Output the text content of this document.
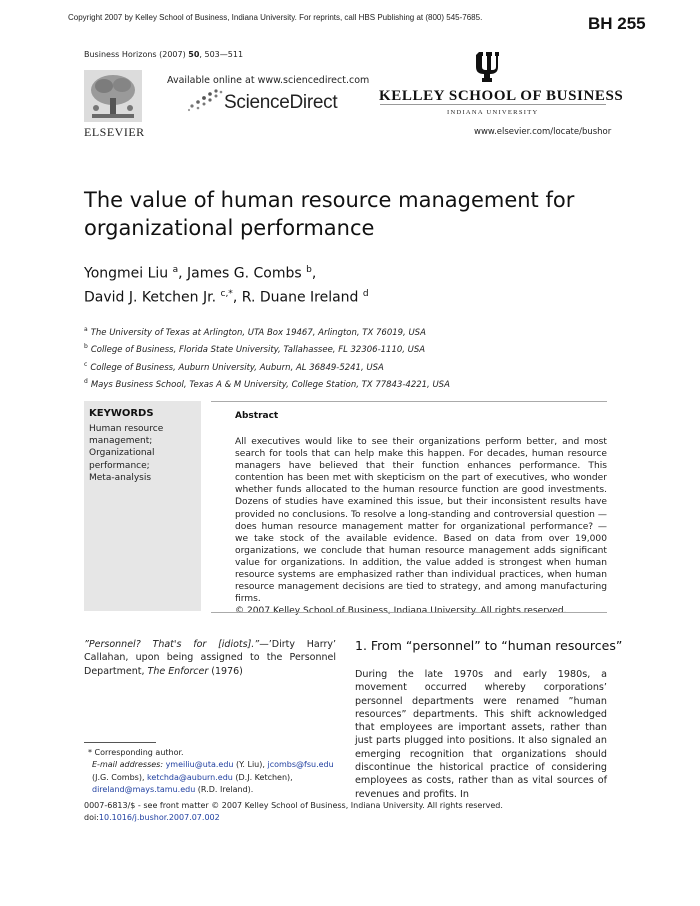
Copyright 2007 by Kelley School of Business, Indiana University. For reprints, call HBS Publishing at (800) 545-7685.	BH 255
Business Horizons (2007) 50, 503—511
ELSEVIER
Available online at www.sciencedirect.com
ScienceDirect	KELLEY SCHOOL OF BUSINESS
INDIANA UNIVERSITY
www.elsevier.com/locate/bushor
The value of human resource management for organizational performance
Yongmei Liu $^a$, James G. Combs $^b$,
David J. Ketchen Jr. $^{c,*}$, R. Duane Ireland $^d$
$^a$ The University of Texas at Arlington, UTA Box 19467, Arlington, TX 76019, USA
$^b$ College of Business, Florida State University, Tallahassee, FL 32306-1110, USA
$^c$ College of Business, Auburn University, Auburn, AL 36849-5241, USA
$^d$ Mays Business School, Texas A & M University, College Station, TX 77843-4221, USA
KEYWORDS
Human resource management;
Organizational performance;
Meta-analysis
Abstract
All executives would like to see their organizations perform better, and most search for tools that can help make this happen. For decades, human resource managers have believed that their function enhances performance. This contention has been met with skepticism on the part of executives, who wonder whether funds allocated to the human resource function are good investments. Dozens of studies have examined this issue, but their inconsistent results have provided no conclusions. To resolve a long-standing and controversial question — does human resource management matter for organizational performance? — we take stock of the available evidence. Based on data from over 19,000 organizations, we conclude that human resource management adds significant value for organizations. In addition, the value added is strongest when human resource systems are emphasized rather than individual practices, when human resource management decisions are tied to strategy, and among manufacturing firms.
”Personnel? That's for [idiots].”—’Dirty Harry’ Callahan, upon being assigned to the Personnel Department, The Enforcer (1976)
1. From “personnel” to “human resources”
During the late 1970s and early 1980s, a movement occurred whereby corporations’ personnel departments were renamed ”human resources” departments. This shift acknowledged that employees are important assets, rather than just parts plugged into positions. It also signaled an emerging recognition that organizations should discontinue the historical practice of considering employees as costs, rather than as vital sources of revenues and profits. In
* Corresponding author.
E-mail addresses: ymeiliu@uta.edu (Y. Liu), jcombs@fsu.edu (J.G. Combs), ketchda@auburn.edu (D.J. Ketchen), direland@mays.tamu.edu (R.D. Ireland).
0007-6813/$ - see front matter © 2007 Kelley School of Business, Indiana University. All rights reserved.
doi:10.1016/j.bushor.2007.07.002
